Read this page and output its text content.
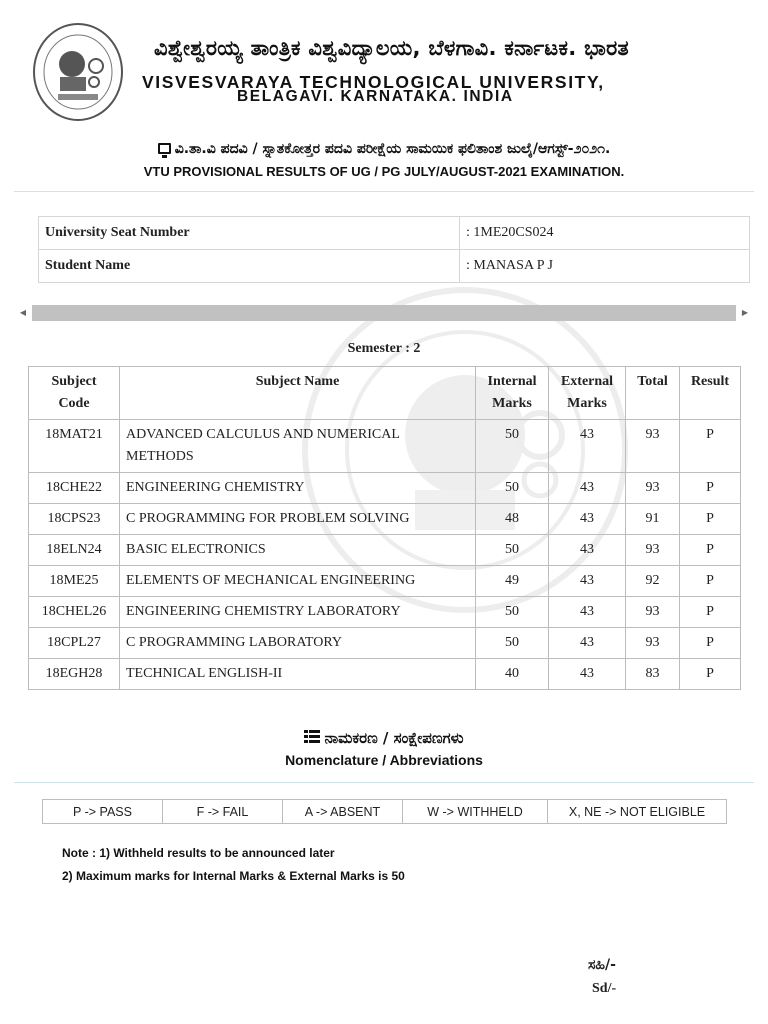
ವಿಶ್ವೇಶ್ವರಯ್ಯ ತಾಂತ್ರಿಕ ವಿಶ್ವವಿದ್ಯಾಲಯ, ಬೆಳಗಾವಿ. ಕರ್ನಾಟಕ. ಭಾರತ
VISVESVARAYA TECHNOLOGICAL UNIVERSITY,
BELAGAVI. KARNATAKA. INDIA
ವಿ.ತಾ.ವಿ ಪದವಿ / ಸ್ನಾತಕೋತ್ತರ ಪದವಿ ಪರೀಕ್ಷೆಯ ಸಾಮಯಿಕ ಫಲಿತಾಂಶ ಜುಲೈ/ಆಗಸ್ಟ್-೨೦೨೧.
VTU PROVISIONAL RESULTS OF UG / PG JULY/AUGUST-2021 EXAMINATION.
University Seat Number	: 1ME20CS024
Student Name	: MANASA P J
◀	▶
Semester : 2
Subject Code	Subject Name	Internal Marks	External Marks	Total	Result
18MAT21	ADVANCED CALCULUS AND NUMERICAL METHODS	50	43	93	P
18CHE22	ENGINEERING CHEMISTRY	50	43	93	P
18CPS23	C PROGRAMMING FOR PROBLEM SOLVING	48	43	91	P
18ELN24	BASIC ELECTRONICS	50	43	93	P
18ME25	ELEMENTS OF MECHANICAL ENGINEERING	49	43	92	P
18CHEL26	ENGINEERING CHEMISTRY LABORATORY	50	43	93	P
18CPL27	C PROGRAMMING LABORATORY	50	43	93	P
18EGH28	TECHNICAL ENGLISH-II	40	43	83	P
ನಾಮಕರಣ / ಸಂಕ್ಷೇಪಣಗಳು
Nomenclature / Abbreviations
P -> PASS	F -> FAIL	A -> ABSENT	W -> WITHHELD	X, NE -> NOT ELIGIBLE
Note : 1) Withheld results to be announced later
2) Maximum marks for Internal Marks & External Marks is 50
ಸಹಿ/-
Sd/-
